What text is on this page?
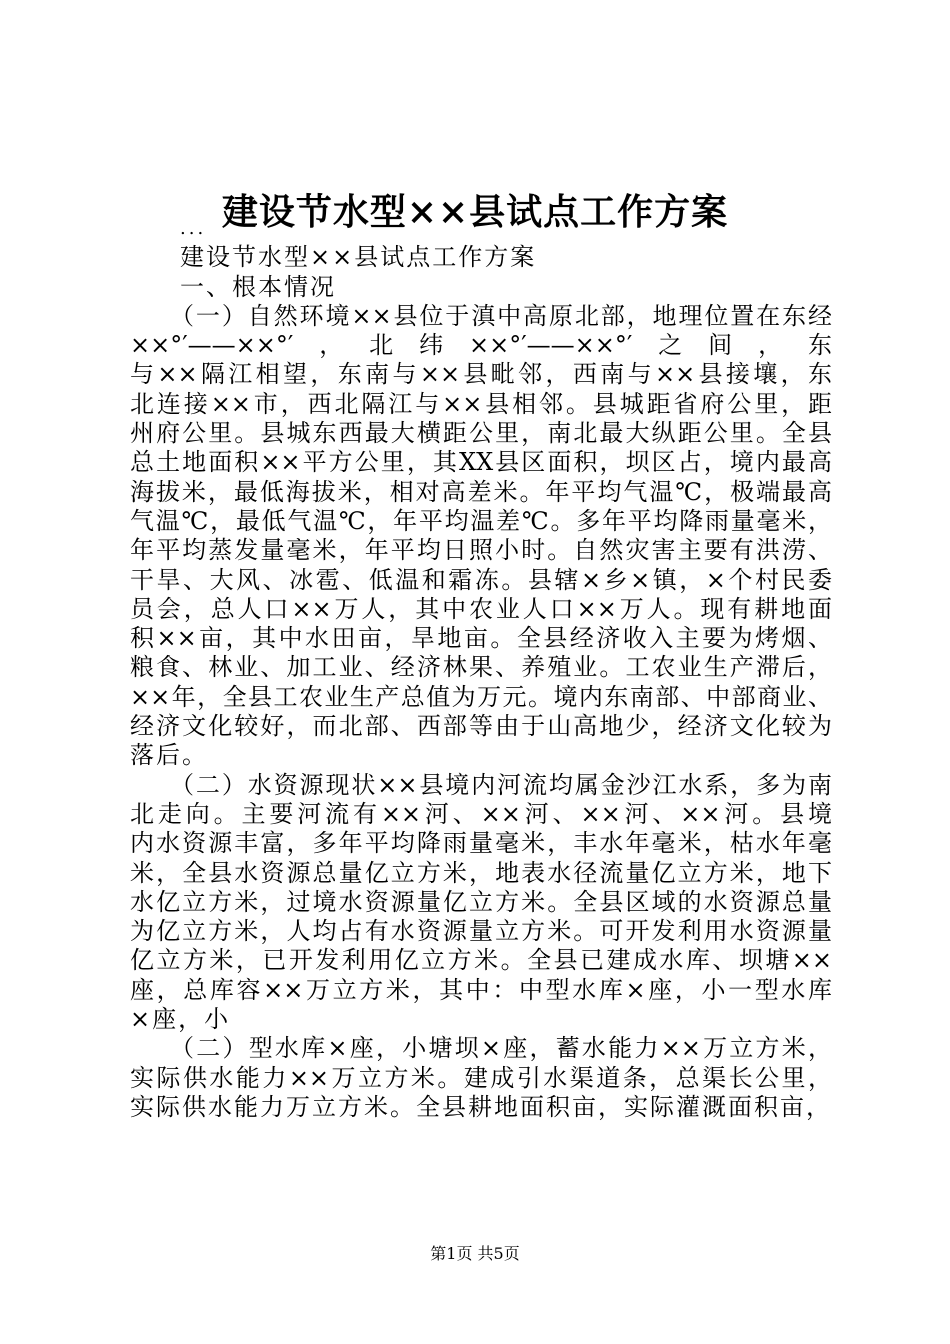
建设节水型××县试点工作方案
...
建设节水型××县试点工作方案
一、根本情况
（一）自然环境××县位于滇中高原北部，地理位置在东经
××°′——××°′，北纬××°′——××°′之间，东
与××隔江相望，东南与××县毗邻，西南与××县接壤，东
北连接××市，西北隔江与××县相邻。县城距省府公里，距
州府公里。县城东西最大横距公里，南北最大纵距公里。全县
总土地面积××平方公里，其XX县区面积，坝区占，境内最高
海拔米，最低海拔米，相对高差米。年平均气温℃，极端最高
气温℃，最低气温℃，年平均温差℃。多年平均降雨量毫米，
年平均蒸发量毫米，年平均日照小时。自然灾害主要有洪涝、
干旱、大风、冰雹、低温和霜冻。县辖×乡×镇，×个村民委
员会，总人口××万人，其中农业人口××万人。现有耕地面
积××亩，其中水田亩，旱地亩。全县经济收入主要为烤烟、
粮食、林业、加工业、经济林果、养殖业。工农业生产滞后，
××年，全县工农业生产总值为万元。境内东南部、中部商业、
经济文化较好，而北部、西部等由于山高地少，经济文化较为
落后。
（二）水资源现状××县境内河流均属金沙江水系，多为南
北走向。主要河流有××河、××河、××河、××河。县境
内水资源丰富，多年平均降雨量毫米，丰水年毫米，枯水年毫
米，全县水资源总量亿立方米，地表水径流量亿立方米，地下
水亿立方米，过境水资源量亿立方米。全县区域的水资源总量
为亿立方米，人均占有水资源量立方米。可开发利用水资源量
亿立方米，已开发利用亿立方米。全县已建成水库、坝塘××
座，总库容××万立方米，其中：中型水库×座，小一型水库
×座，小
（二）型水库×座，小塘坝×座，蓄水能力××万立方米，
实际供水能力××万立方米。建成引水渠道条，总渠长公里，
实际供水能力万立方米。全县耕地面积亩，实际灌溉面积亩，
第1页 共5页
